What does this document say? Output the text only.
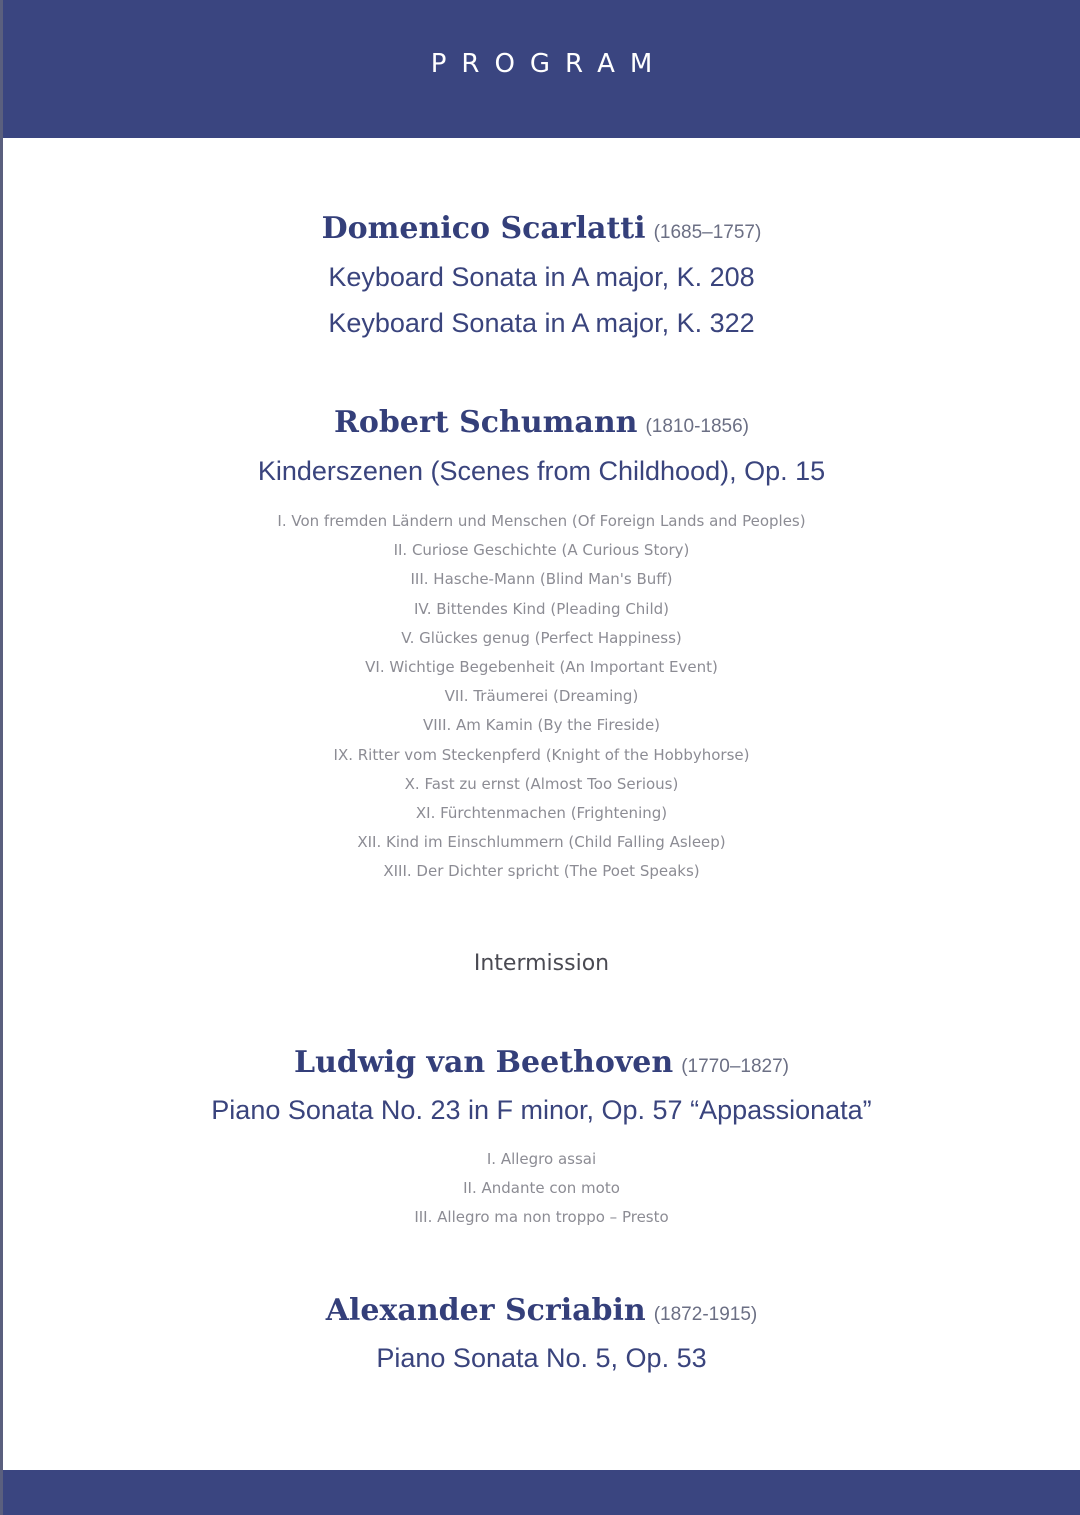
PROGRAM
Domenico Scarlatti (1685–1757)
Keyboard Sonata in A major, K. 208
Keyboard Sonata in A major, K. 322
Robert Schumann (1810-1856)
Kinderszenen (Scenes from Childhood), Op. 15
I. Von fremden Ländern und Menschen (Of Foreign Lands and Peoples)
II. Curiose Geschichte (A Curious Story)
III. Hasche-Mann (Blind Man's Buff)
IV. Bittendes Kind (Pleading Child)
V. Glückes genug (Perfect Happiness)
VI. Wichtige Begebenheit (An Important Event)
VII. Träumerei (Dreaming)
VIII. Am Kamin (By the Fireside)
IX. Ritter vom Steckenpferd (Knight of the Hobbyhorse)
X. Fast zu ernst (Almost Too Serious)
XI. Fürchtenmachen (Frightening)
XII. Kind im Einschlummern (Child Falling Asleep)
XIII. Der Dichter spricht (The Poet Speaks)
Intermission
Ludwig van Beethoven (1770–1827)
Piano Sonata No. 23 in F minor, Op. 57 “Appassionata”
I. Allegro assai
II. Andante con moto
III. Allegro ma non troppo – Presto
Alexander Scriabin (1872-1915)
Piano Sonata No. 5, Op. 53
